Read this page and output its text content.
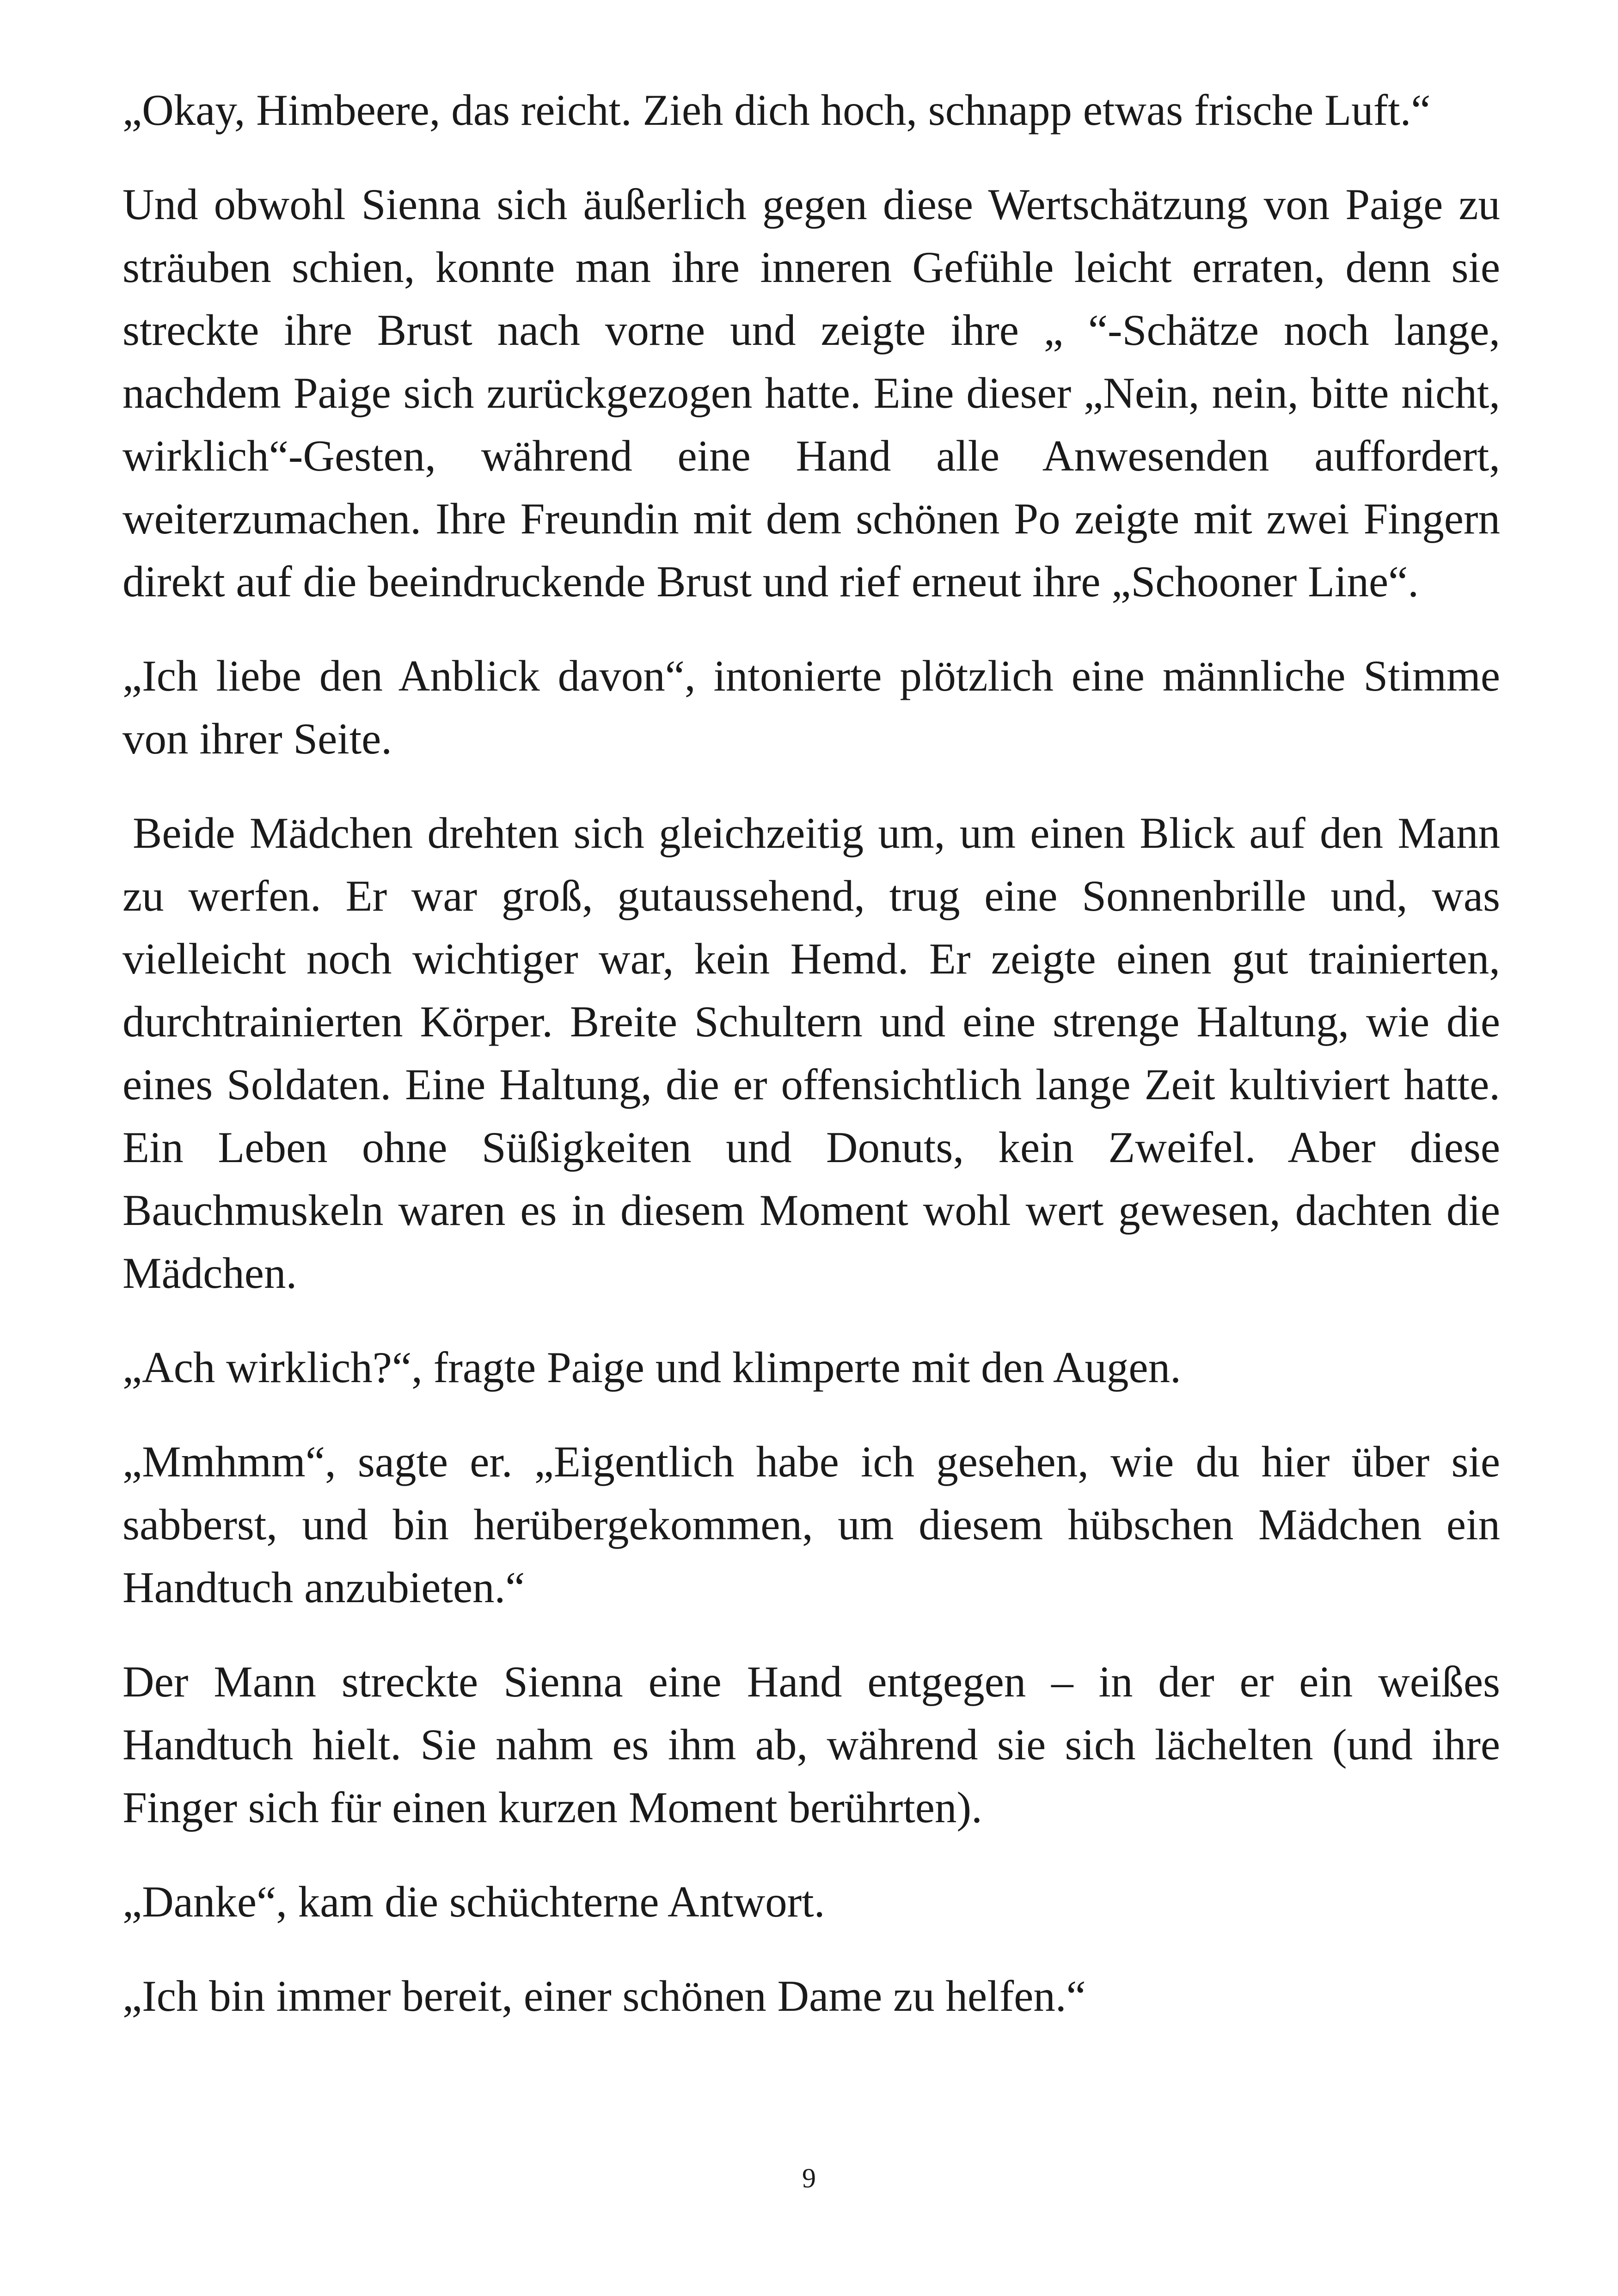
„Okay, Himbeere, das reicht. Zieh dich hoch, schnapp etwas frische Luft.“

Und obwohl Sienna sich äußerlich gegen diese Wertschätzung von Paige zu sträuben schien, konnte man ihre inneren Gefühle leicht erraten, denn sie streckte ihre Brust nach vorne und zeigte ihre „ “-Schätze noch lange, nachdem Paige sich zurückgezogen hatte. Eine dieser „Nein, nein, bitte nicht, wirklich“-Gesten, während eine Hand alle Anwesenden auffordert, weiterzumachen. Ihre Freundin mit dem schönen Po zeigte mit zwei Fingern direkt auf die beeindruckende Brust und rief erneut ihre „Schooner Line“.

„Ich liebe den Anblick davon“, intonierte plötzlich eine männliche Stimme von ihrer Seite.

Beide Mädchen drehten sich gleichzeitig um, um einen Blick auf den Mann zu werfen. Er war groß, gutaussehend, trug eine Sonnenbrille und, was vielleicht noch wichtiger war, kein Hemd. Er zeigte einen gut trainierten, durchtrainierten Körper. Breite Schultern und eine strenge Haltung, wie die eines Soldaten. Eine Haltung, die er offensichtlich lange Zeit kultiviert hatte. Ein Leben ohne Süßigkeiten und Donuts, kein Zweifel. Aber diese Bauchmuskeln waren es in diesem Moment wohl wert gewesen, dachten die Mädchen.

„Ach wirklich?“, fragte Paige und klimperte mit den Augen.

„Mmhmm“, sagte er. „Eigentlich habe ich gesehen, wie du hier über sie sabberst, und bin herübergekommen, um diesem hübschen Mädchen ein Handtuch anzubieten.“

Der Mann streckte Sienna eine Hand entgegen – in der er ein weißes Handtuch hielt. Sie nahm es ihm ab, während sie sich lächelten (und ihre Finger sich für einen kurzen Moment berührten).

„Danke“, kam die schüchterne Antwort.

„Ich bin immer bereit, einer schönen Dame zu helfen.“

9
